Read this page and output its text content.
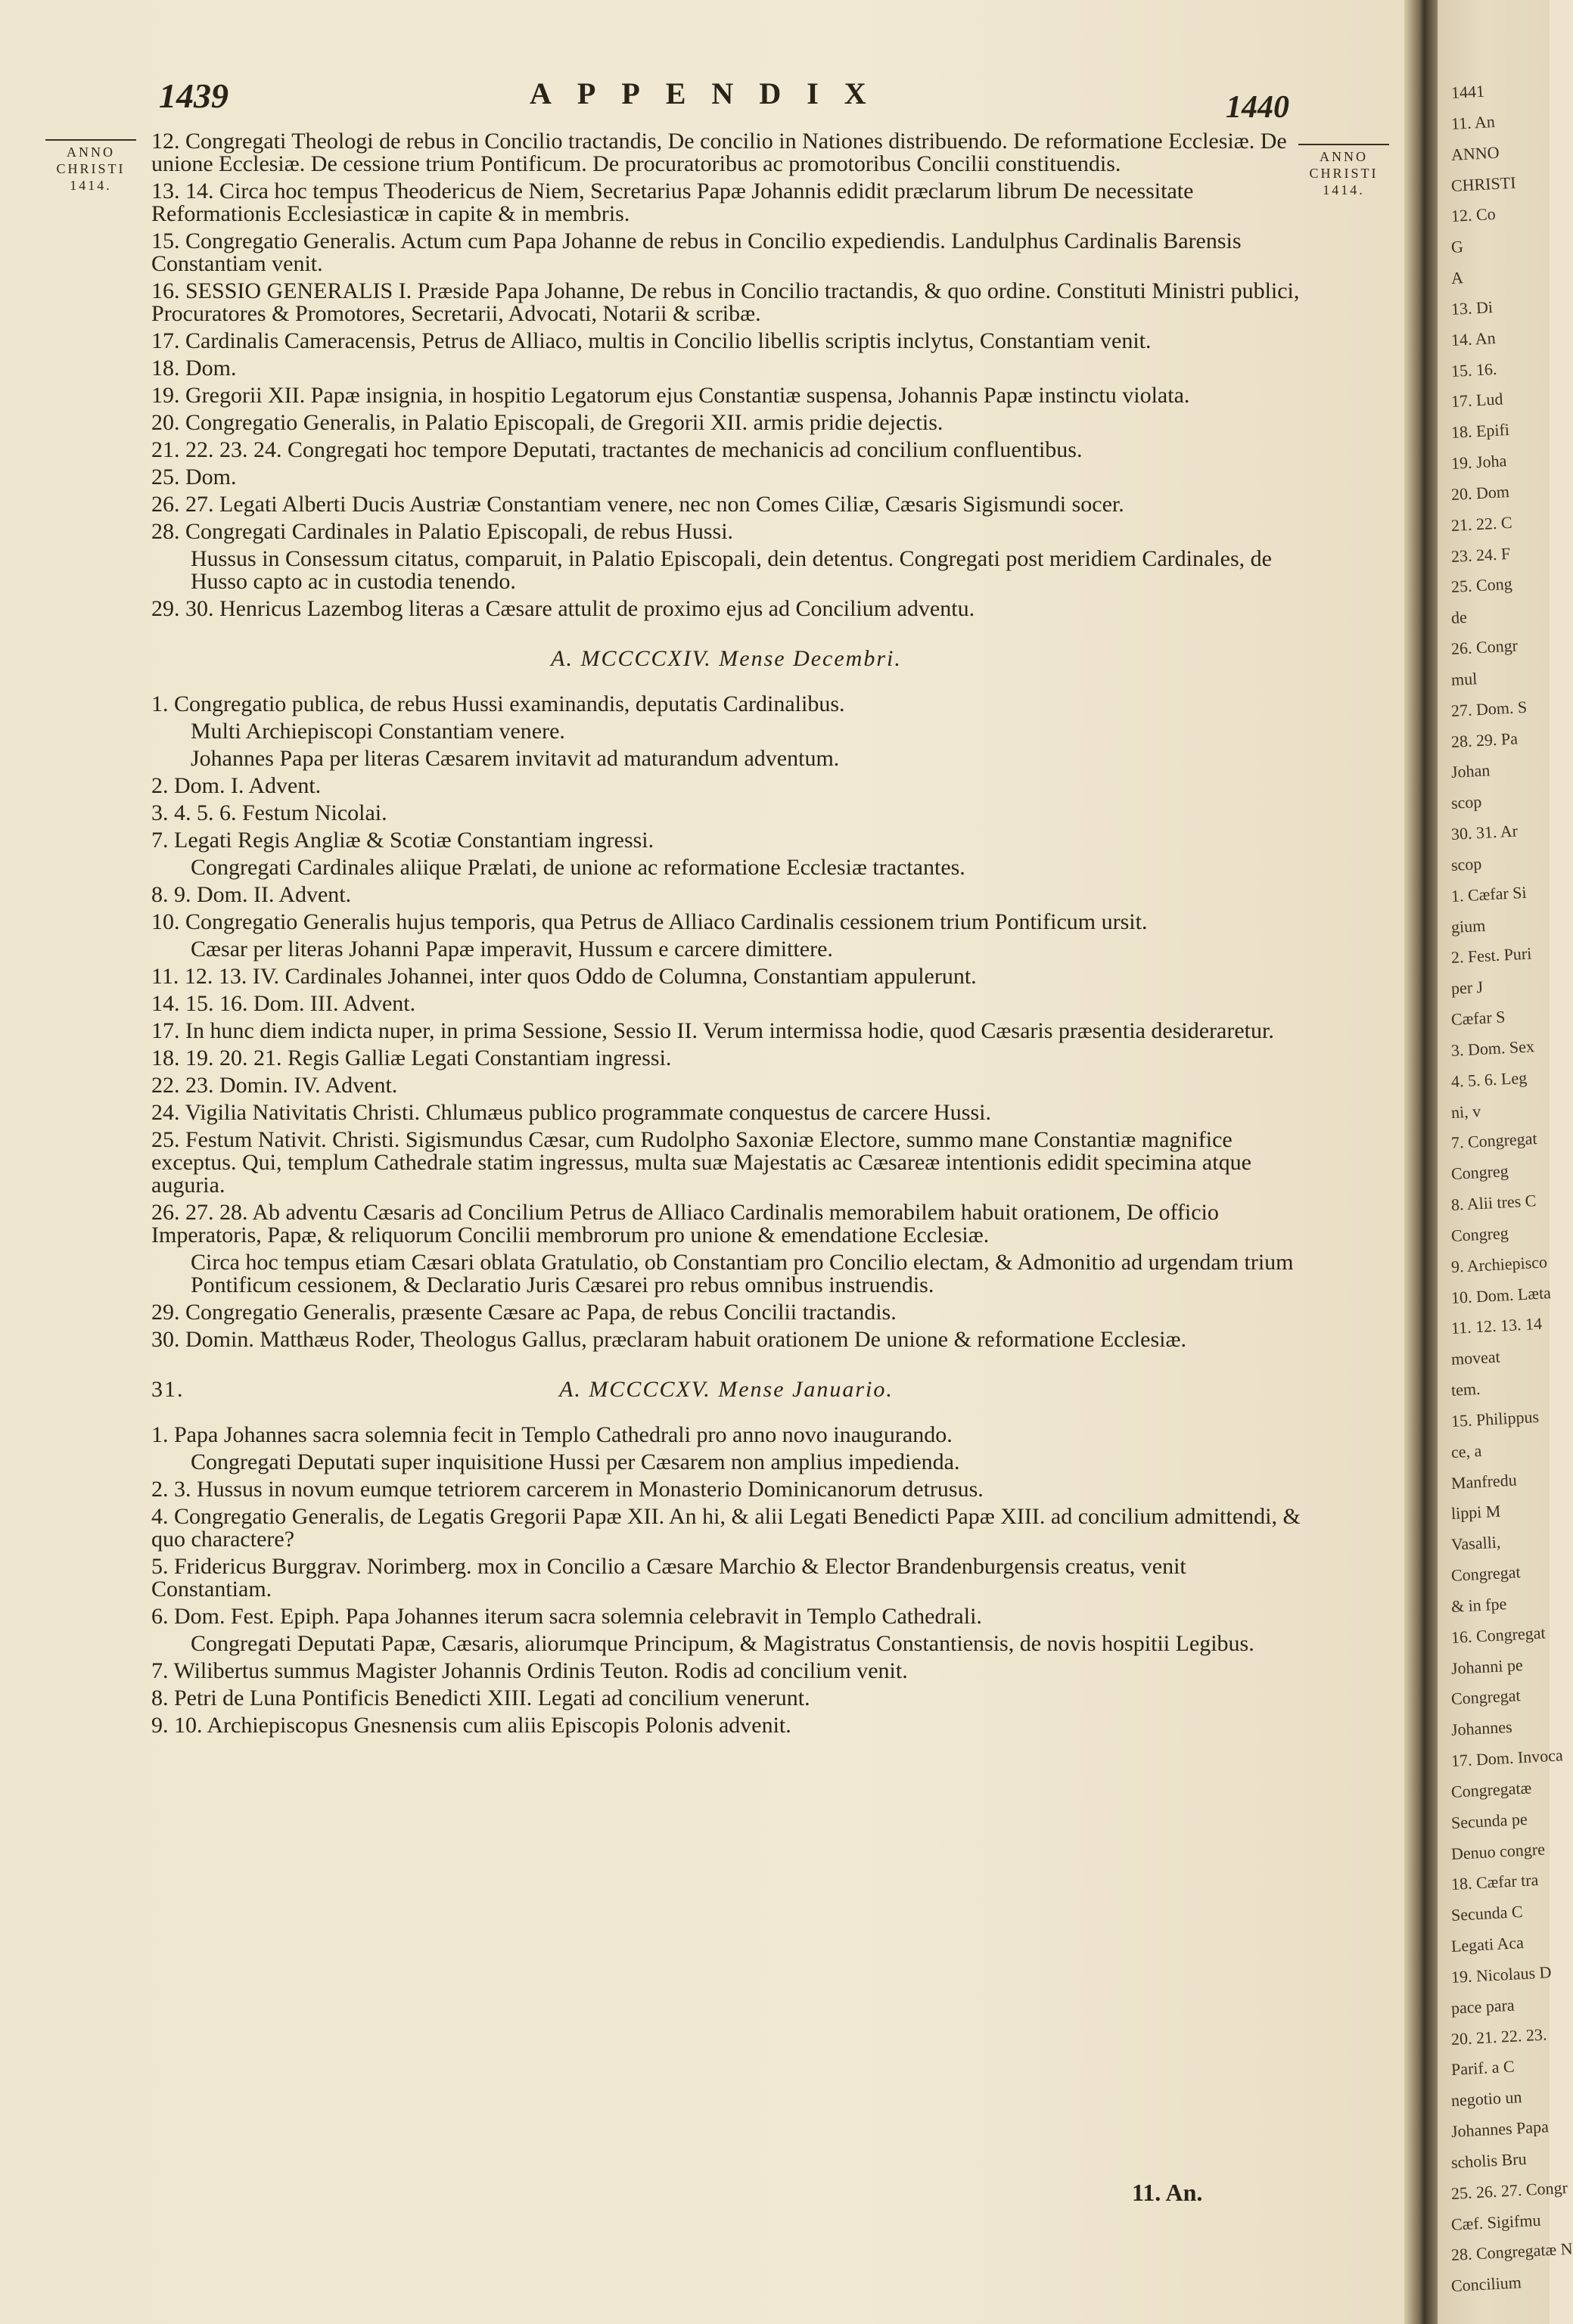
1439	APPENDIX	1440
ANNO
CHRISTI
1414.
ANNO
CHRISTI
1414.
12. Congregati Theologi de rebus in Concilio tractandis, De concilio in Nationes distribuendo. De reformatione Ecclesiæ. De unione Ecclesiæ. De cessione trium Pontificum. De procuratoribus ac promotoribus Concilii constituendis.
13. 14. Circa hoc tempus Theodericus de Niem, Secretarius Papæ Johannis edidit præclarum librum De necessitate Reformationis Ecclesiasticæ in capite & in membris.
15. Congregatio Generalis. Actum cum Papa Johanne de rebus in Concilio expediendis. Landulphus Cardinalis Barensis Constantiam venit.
16. SESSIO GENERALIS I. Præside Papa Johanne, De rebus in Concilio tractandis, & quo ordine. Constituti Ministri publici, Procuratores & Promotores, Secretarii, Advocati, Notarii & scribæ.
17. Cardinalis Cameracensis, Petrus de Alliaco, multis in Concilio libellis scriptis inclytus, Constantiam venit.
18. Dom.
19. Gregorii XII. Papæ insignia, in hospitio Legatorum ejus Constantiæ suspensa, Johannis Papæ instinctu violata.
20. Congregatio Generalis, in Palatio Episcopali, de Gregorii XII. armis pridie dejectis.
21. 22. 23. 24. Congregati hoc tempore Deputati, tractantes de mechanicis ad concilium confluentibus.
25. Dom.
26. 27. Legati Alberti Ducis Austriæ Constantiam venere, nec non Comes Ciliæ, Cæsaris Sigismundi socer.
28. Congregati Cardinales in Palatio Episcopali, de rebus Hussi.
Hussus in Consessum citatus, comparuit, in Palatio Episcopali, dein detentus. Congregati post meridiem Cardinales, de Husso capto ac in custodia tenendo.
29. 30. Henricus Lazembog literas a Cæsare attulit de proximo ejus ad Concilium adventu.
A. MCCCCXIV. Mense Decembri.
1. Congregatio publica, de rebus Hussi examinandis, deputatis Cardinalibus.
Multi Archiepiscopi Constantiam venere.
Johannes Papa per literas Cæsarem invitavit ad maturandum adventum.
2. Dom. I. Advent.
3. 4. 5. 6. Festum Nicolai.
7. Legati Regis Angliæ & Scotiæ Constantiam ingressi.
Congregati Cardinales aliique Prælati, de unione ac reformatione Ecclesiæ tractantes.
8. 9. Dom. II. Advent.
10. Congregatio Generalis hujus temporis, qua Petrus de Alliaco Cardinalis cessionem trium Pontificum ursit.
Cæsar per literas Johanni Papæ imperavit, Hussum e carcere dimittere.
11. 12. 13. IV. Cardinales Johannei, inter quos Oddo de Columna, Constantiam appulerunt.
14. 15. 16. Dom. III. Advent.
17. In hunc diem indicta nuper, in prima Sessione, Sessio II. Verum intermissa hodie, quod Cæsaris præsentia desideraretur.
18. 19. 20. 21. Regis Galliæ Legati Constantiam ingressi.
22. 23. Domin. IV. Advent.
24. Vigilia Nativitatis Christi. Chlumæus publico programmate conquestus de carcere Hussi.
25. Festum Nativit. Christi. Sigismundus Cæsar, cum Rudolpho Saxoniæ Electore, summo mane Constantiæ magnifice exceptus. Qui, templum Cathedrale statim ingressus, multa suæ Majestatis ac Cæsareæ intentionis edidit specimina atque auguria.
26. 27. 28. Ab adventu Cæsaris ad Concilium Petrus de Alliaco Cardinalis memorabilem habuit orationem, De officio Imperatoris, Papæ, & reliquorum Concilii membrorum pro unione & emendatione Ecclesiæ.
Circa hoc tempus etiam Cæsari oblata Gratulatio, ob Constantiam pro Concilio electam, & Admonitio ad urgendam trium Pontificum cessionem, & Declaratio Juris Cæsarei pro rebus omnibus instruendis.
29. Congregatio Generalis, præsente Cæsare ac Papa, de rebus Concilii tractandis.
30. Domin. Matthæus Roder, Theologus Gallus, præclaram habuit orationem De unione & reformatione Ecclesiæ.
31.	A. MCCCCXV. Mense Januario.
1. Papa Johannes sacra solemnia fecit in Templo Cathedrali pro anno novo inaugurando.
Congregati Deputati super inquisitione Hussi per Cæsarem non amplius impedienda.
2. 3. Hussus in novum eumque tetriorem carcerem in Monasterio Dominicanorum detrusus.
4. Congregatio Generalis, de Legatis Gregorii Papæ XII. An hi, & alii Legati Benedicti Papæ XIII. ad concilium admittendi, & quo charactere?
5. Fridericus Burggrav. Norimberg. mox in Concilio a Cæsare Marchio & Elector Brandenburgensis creatus, venit Constantiam.
6. Dom. Fest. Epiph. Papa Johannes iterum sacra solemnia celebravit in Templo Cathedrali.
Congregati Deputati Papæ, Cæsaris, aliorumque Principum, & Magistratus Constantiensis, de novis hospitii Legibus.
7. Wilibertus summus Magister Johannis Ordinis Teuton. Rodis ad concilium venit.
8. Petri de Luna Pontificis Benedicti XIII. Legati ad concilium venerunt.
9. 10. Archiepiscopus Gnesnensis cum aliis Episcopis Polonis advenit.
11. An.
1441
11. An
ANNO
CHRISTI
12. Co
G
A
13. Di
14. An
15. 16.
17. Lud
18. Epifi
19. Joha
20. Dom
21. 22. C
23. 24. F
25. Cong
de
26. Congr
mul
27. Dom. S
28. 29. Pa
Johan
scop
30. 31. Ar
scop
1. Cæfar Si
gium
2. Fest. Puri
per J
Cæfar S
3. Dom. Sex
4. 5. 6. Leg
ni, v
7. Congregat
Congreg
8. Alii tres C
Congreg
9. Archiepisco
10. Dom. Læta
11. 12. 13. 14
moveat
tem.
15. Philippus
ce, a
Manfredu
lippi M
Vasalli,
Congregat
& in fpe
16. Congregat
Johanni pe
Congregat
Johannes
17. Dom. Invoca
Congregatæ
Secunda pe
Denuo congre
18. Cæfar tra
Secunda C
Legati Aca
19. Nicolaus D
pace para
20. 21. 22. 23.
Parif. a C
negotio un
Johannes Papa
scholis Bru
25. 26. 27. Congr
Cæf. Sigifmu
28. Congregatæ N
Concilium
